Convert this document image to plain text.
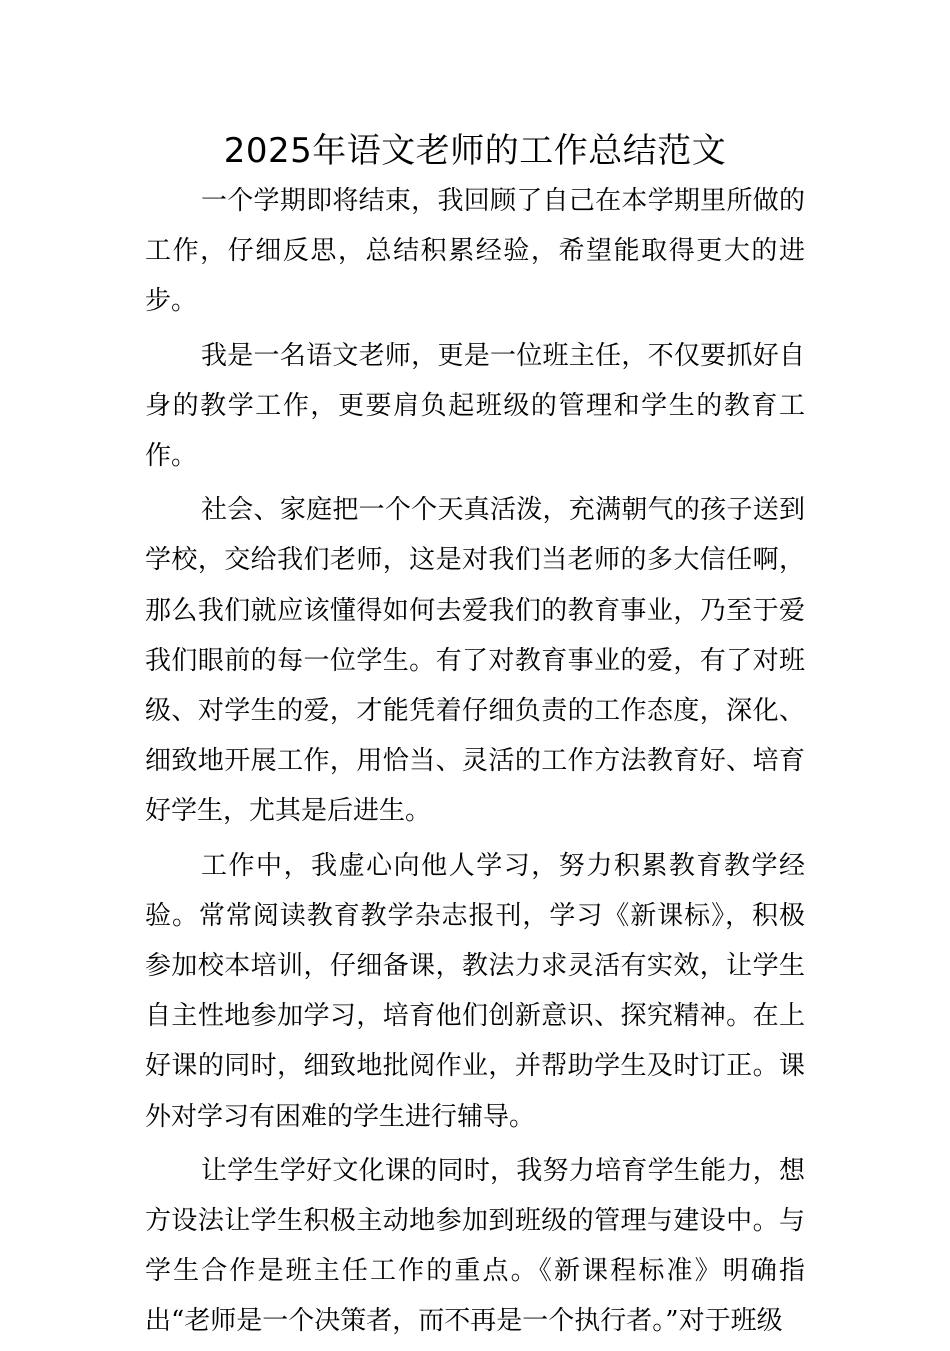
2025年语文老师的工作总结范文

一个学期即将结束，我回顾了自己在本学期里所做的工作，仔细反思，总结积累经验，希望能取得更大的进步。

我是一名语文老师，更是一位班主任，不仅要抓好自身的教学工作，更要肩负起班级的管理和学生的教育工作。

社会、家庭把一个个天真活泼，充满朝气的孩子送到学校，交给我们老师，这是对我们当老师的多大信任啊，那么我们就应该懂得如何去爱我们的教育事业，乃至于爱我们眼前的每一位学生。有了对教育事业的爱，有了对班级、对学生的爱，才能凭着仔细负责的工作态度，深化、细致地开展工作，用恰当、灵活的工作方法教育好、培育好学生，尤其是后进生。

工作中，我虚心向他人学习，努力积累教育教学经验。常常阅读教育教学杂志报刊，学习《新课标》，积极参加校本培训，仔细备课，教法力求灵活有实效，让学生自主性地参加学习，培育他们创新意识、探究精神。在上好课的同时，细致地批阅作业，并帮助学生及时订正。课外对学习有困难的学生进行辅导。

让学生学好文化课的同时，我努力培育学生能力，想方设法让学生积极主动地参加到班级的管理与建设中。与学生合作是班主任工作的重点。《新课程标准》明确指出“老师是一个决策者，而不再是一个执行者。”对于班级
